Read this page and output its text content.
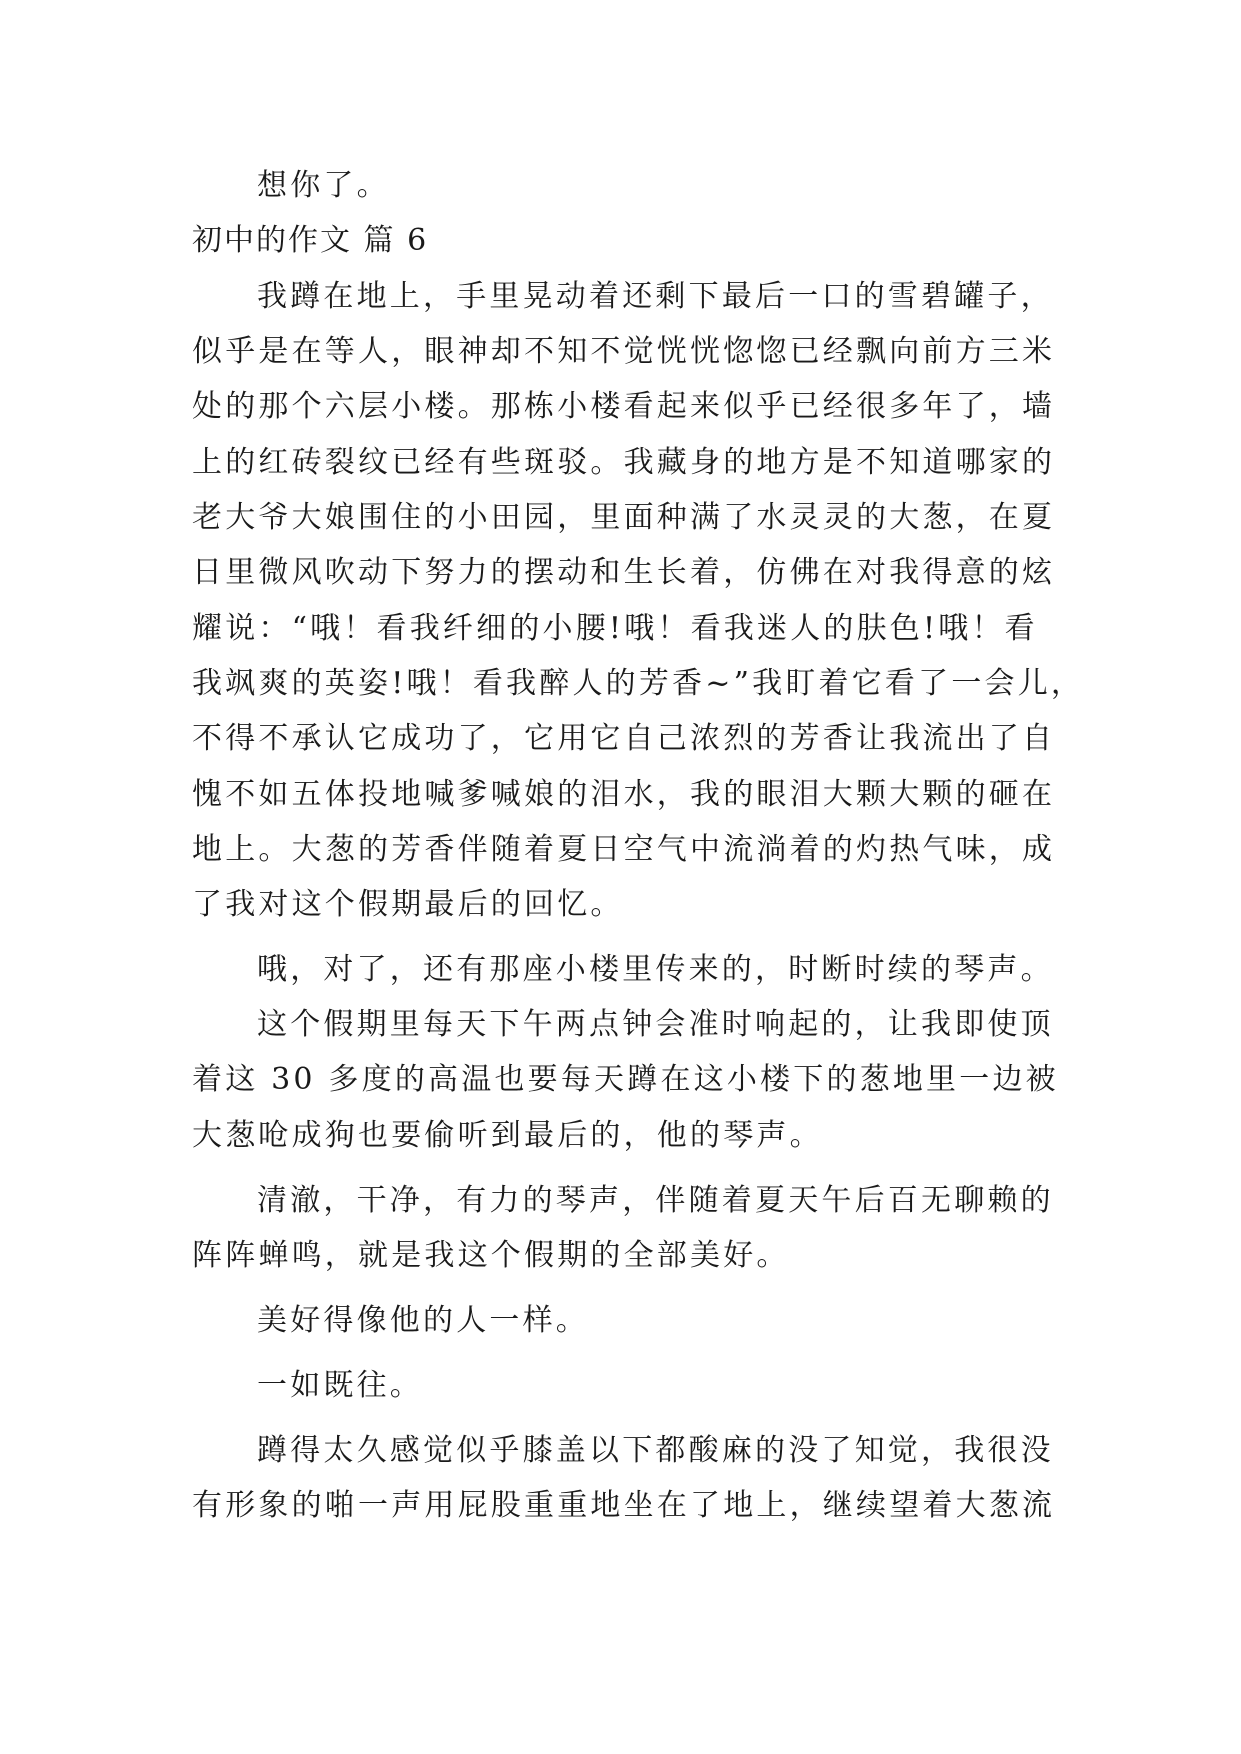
想你了。
初中的作文 篇 6
我蹲在地上，手里晃动着还剩下最后一口的雪碧罐子，
似乎是在等人，眼神却不知不觉恍恍惚惚已经飘向前方三米
处的那个六层小楼。那栋小楼看起来似乎已经很多年了，墙
上的红砖裂纹已经有些斑驳。我藏身的地方是不知道哪家的
老大爷大娘围住的小田园，里面种满了水灵灵的大葱，在夏
日里微风吹动下努力的摆动和生长着，仿佛在对我得意的炫
耀说：“哦！看我纤细的小腰!哦！看我迷人的肤色!哦！看
我飒爽的英姿!哦！看我醉人的芳香~”我盯着它看了一会儿，
不得不承认它成功了，它用它自己浓烈的芳香让我流出了自
愧不如五体投地喊爹喊娘的泪水，我的眼泪大颗大颗的砸在
地上。大葱的芳香伴随着夏日空气中流淌着的灼热气味，成
了我对这个假期最后的回忆。
哦，对了，还有那座小楼里传来的，时断时续的琴声。
这个假期里每天下午两点钟会准时响起的，让我即使顶
着这 30 多度的高温也要每天蹲在这小楼下的葱地里一边被
大葱呛成狗也要偷听到最后的，他的琴声。
清澈，干净，有力的琴声，伴随着夏天午后百无聊赖的
阵阵蝉鸣，就是我这个假期的全部美好。
美好得像他的人一样。
一如既往。
蹲得太久感觉似乎膝盖以下都酸麻的没了知觉，我很没
有形象的啪一声用屁股重重地坐在了地上，继续望着大葱流
